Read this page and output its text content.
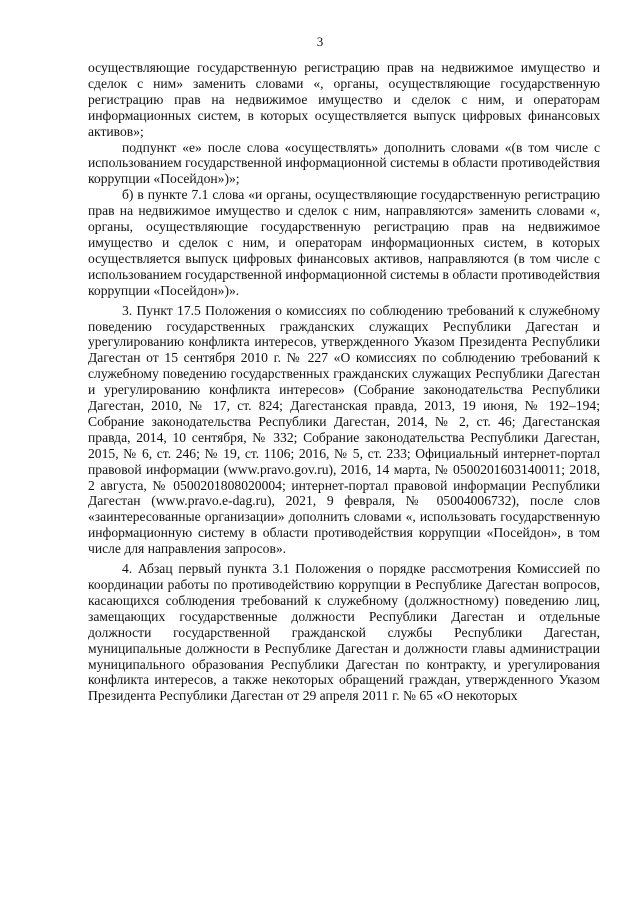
3

осуществляющие государственную регистрацию прав на недвижимое имущество и сделок с ним» заменить словами «, органы, осуществляющие государственную регистрацию прав на недвижимое имущество и сделок с ним, и операторам информационных систем, в которых осуществляется выпуск цифровых финансовых активов»;

подпункт «е» после слова «осуществлять» дополнить словами «(в том числе с использованием государственной информационной системы в области противодействия коррупции «Посейдон»)»;

б) в пункте 7.1 слова «и органы, осуществляющие государственную регистрацию прав на недвижимое имущество и сделок с ним, направляются» заменить словами «, органы, осуществляющие государственную регистрацию прав на недвижимое имущество и сделок с ним, и операторам информационных систем, в которых осуществляется выпуск цифровых финансовых активов, направляются (в том числе с использованием государственной информационной системы в области противодействия коррупции «Посейдон»)».

3. Пункт 17.5 Положения о комиссиях по соблюдению требований к служебному поведению государственных гражданских служащих Республики Дагестан и урегулированию конфликта интересов, утвержденного Указом Президента Республики Дагестан от 15 сентября 2010 г. № 227 «О комиссиях по соблюдению требований к служебному поведению государственных гражданских служащих Республики Дагестан и урегулированию конфликта интересов» (Собрание законодательства Республики Дагестан, 2010, № 17, ст. 824; Дагестанская правда, 2013, 19 июня, № 192–194; Собрание законодательства Республики Дагестан, 2014, № 2, ст. 46; Дагестанская правда, 2014, 10 сентября, № 332; Собрание законодательства Республики Дагестан, 2015, № 6, ст. 246; № 19, ст. 1106; 2016, № 5, ст. 233; Официальный интернет-портал правовой информации (www.pravo.gov.ru), 2016, 14 марта, № 0500201603140011; 2018, 2 августа, № 0500201808020004; интернет-портал правовой информации Республики Дагестан (www.pravo.e-dag.ru), 2021, 9 февраля, № 05004006732), после слов «заинтересованные организации» дополнить словами «, использовать государственную информационную систему в области противодействия коррупции «Посейдон», в том числе для направления запросов».

4. Абзац первый пункта 3.1 Положения о порядке рассмотрения Комиссией по координации работы по противодействию коррупции в Республике Дагестан вопросов, касающихся соблюдения требований к служебному (должностному) поведению лиц, замещающих государственные должности Республики Дагестан и отдельные должности государственной гражданской службы Республики Дагестан, муниципальные должности в Республике Дагестан и должности главы администрации муниципального образования Республики Дагестан по контракту, и урегулирования конфликта интересов, а также некоторых обращений граждан, утвержденного Указом Президента Республики Дагестан от 29 апреля 2011 г. № 65 «О некоторых
